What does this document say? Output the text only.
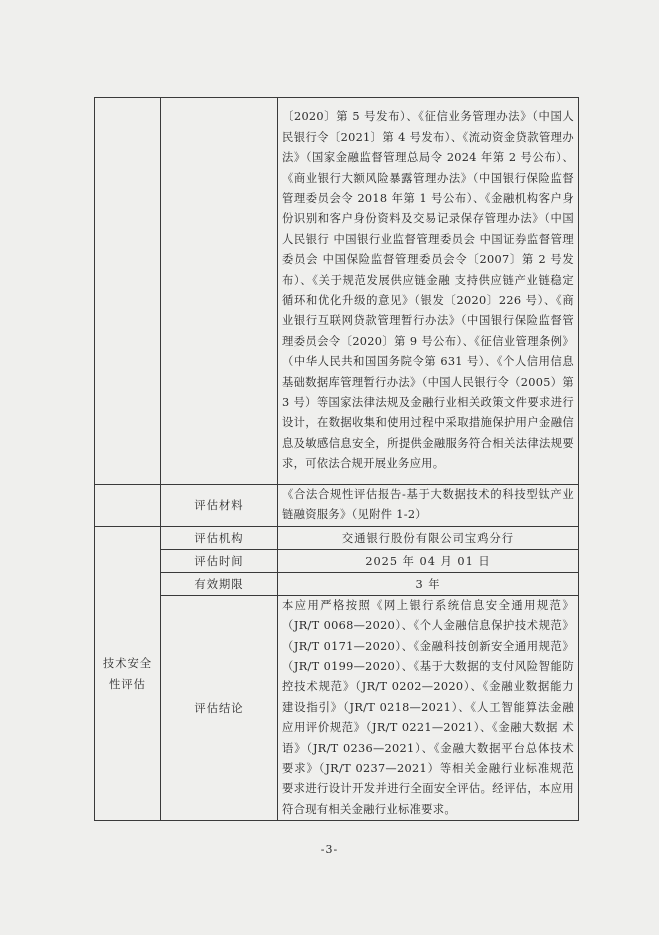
		〔2020〕第 5 号发布）、《征信业务管理办法》（中国人民银行令〔2021〕第 4 号发布）、《流动资金贷款管理办法》（国家金融监督管理总局令 2024 年第 2 号公布）、《商业银行大额风险暴露管理办法》（中国银行保险监督管理委员会令 2018 年第 1 号公布）、《金融机构客户身份识别和客户身份资料及交易记录保存管理办法》（中国人民银行 中国银行业监督管理委员会 中国证券监督管理委员会 中国保险监督管理委员会令〔2007〕第 2 号发布）、《关于规范发展供应链金融 支持供应链产业链稳定循环和优化升级的意见》（银发〔2020〕226 号）、《商业银行互联网贷款管理暂行办法》（中国银行保险监督管理委员会令〔2020〕第 9 号公布）、《征信业管理条例》（中华人民共和国国务院令第 631 号）、《个人信用信息基础数据库管理暂行办法》（中国人民银行令（2005）第 3 号）等国家法律法规及金融行业相关政策文件要求进行设计，在数据收集和使用过程中采取措施保护用户金融信息及敏感信息安全，所提供金融服务符合相关法律法规要求，可依法合规开展业务应用。
	评估材料	《合法合规性评估报告-基于大数据技术的科技型钛产业链融资服务》（见附件 1-2）
技术安全性评估	评估机构	交通银行股份有限公司宝鸡分行
	评估时间	2025 年 04 月 01 日
	有效期限	3 年
	评估结论	本应用严格按照《网上银行系统信息安全通用规范》（JR/T 0068—2020）、《个人金融信息保护技术规范》（JR/T 0171—2020）、《金融科技创新安全通用规范》（JR/T 0199—2020）、《基于大数据的支付风险智能防控技术规范》（JR/T 0202—2020）、《金融业数据能力建设指引》（JR/T 0218—2021）、《人工智能算法金融应用评价规范》（JR/T 0221—2021）、《金融大数据 术语》（JR/T 0236—2021）、《金融大数据平台总体技术要求》（JR/T 0237—2021）等相关金融行业标准规范要求进行设计开发并进行全面安全评估。经评估，本应用符合现有相关金融行业标准要求。
-3-
